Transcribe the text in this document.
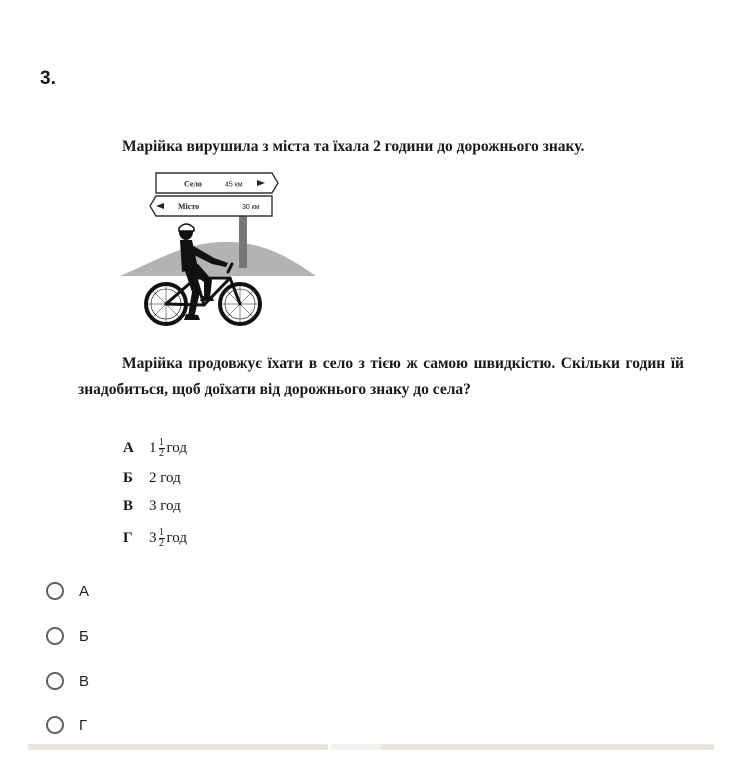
3.
Марійка вирушила з міста та їхала 2 години до дорожнього знаку.
Село	45 км
Місто	30 км
Марійка продовжує їхати в село з тією ж самою швидкістю. Скільки годин їй знадобиться, щоб доїхати від дорожнього знаку до села?
А	$1 \frac{1}{2}$ год
Б	2 год
В	3 год
Г	$3 \frac{1}{2}$ год
А
Б
В
Г
